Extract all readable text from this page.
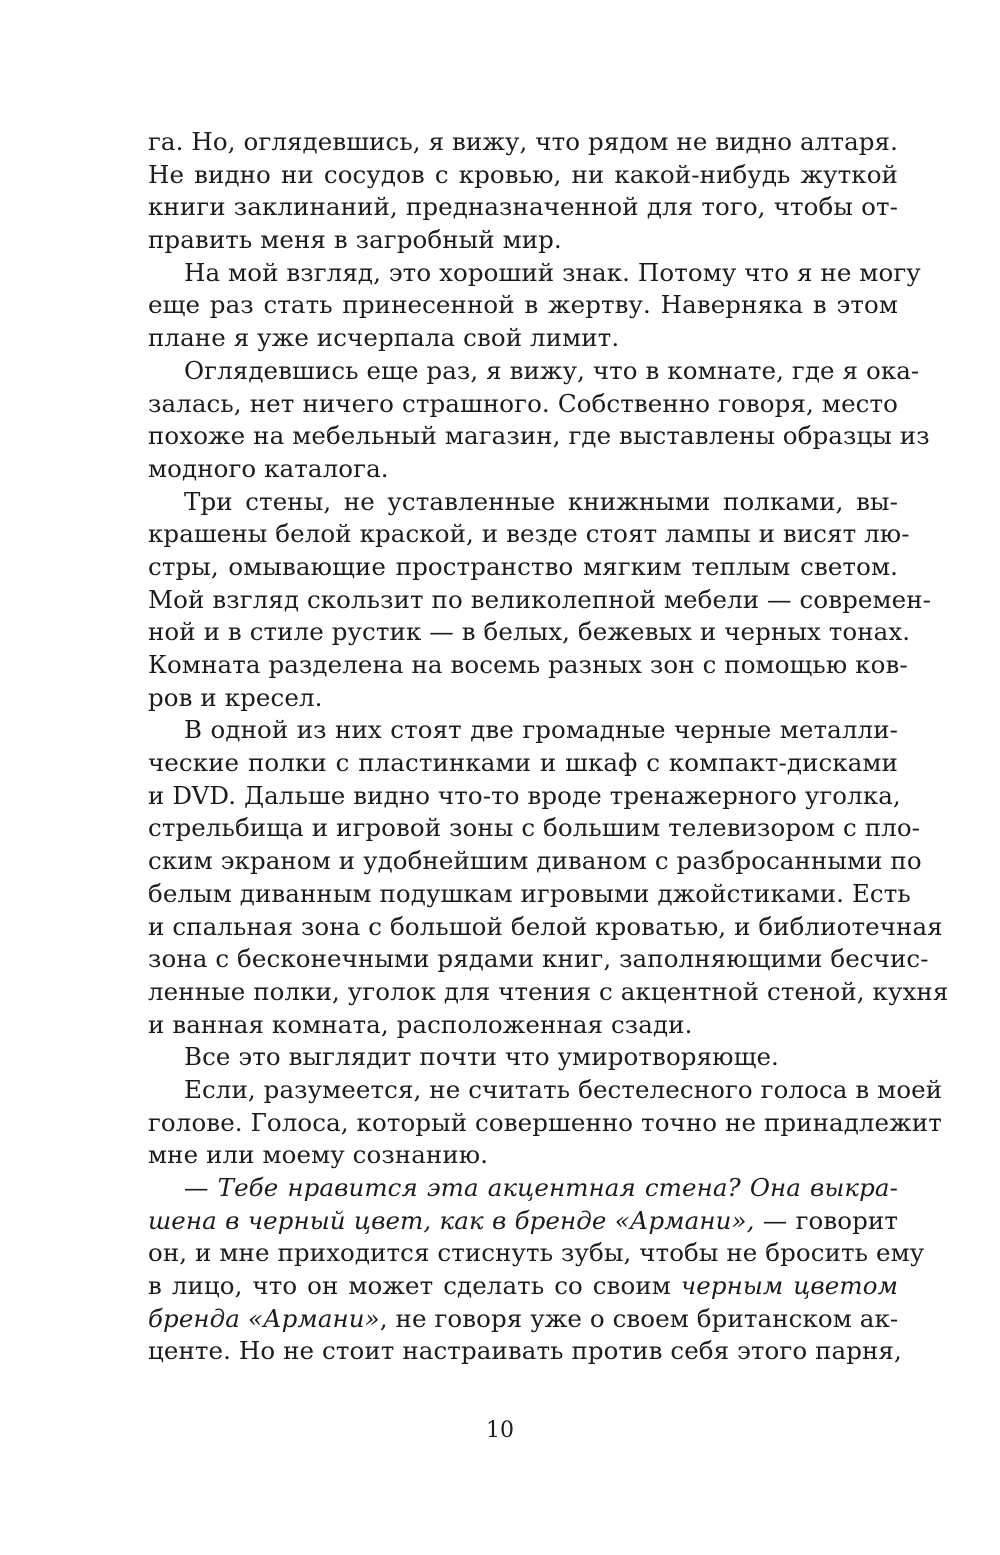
га. Но, оглядевшись, я вижу, что рядом не видно алтаря.
Не видно ни сосудов с кровью, ни какой-нибудь жуткой
книги заклинаний, предназначенной для того, чтобы от-
править меня в загробный мир.
На мой взгляд, это хороший знак. Потому что я не могу
еще раз стать принесенной в жертву. Наверняка в этом
плане я уже исчерпала свой лимит.
Оглядевшись еще раз, я вижу, что в комнате, где я ока-
залась, нет ничего страшного. Собственно говоря, место
похоже на мебельный магазин, где выставлены образцы из
модного каталога.
Три стены, не уставленные книжными полками, вы-
крашены белой краской, и везде стоят лампы и висят лю-
стры, омывающие пространство мягким теплым светом.
Мой взгляд скользит по великолепной мебели — современ-
ной и в стиле рустик — в белых, бежевых и черных тонах.
Комната разделена на восемь разных зон с помощью ков-
ров и кресел.
В одной из них стоят две громадные черные металли-
ческие полки с пластинками и шкаф с компакт-дисками
и DVD. Дальше видно что-то вроде тренажерного уголка,
стрельбища и игровой зоны с большим телевизором с пло-
ским экраном и удобнейшим диваном с разбросанными по
белым диванным подушкам игровыми джойстиками. Есть
и спальная зона с большой белой кроватью, и библиотечная
зона с бесконечными рядами книг, заполняющими бесчис-
ленные полки, уголок для чтения с акцентной стеной, кухня
и ванная комната, расположенная сзади.
Все это выглядит почти что умиротворяюще.
Если, разумеется, не считать бестелесного голоса в моей
голове. Голоса, который совершенно точно не принадлежит
мне или моему сознанию.
— Тебе нравится эта акцентная стена? Она выкра-
шена в черный цвет, как в бренде «Армани», — говорит
он, и мне приходится стиснуть зубы, чтобы не бросить ему
в лицо, что он может сделать со своим черным цветом
бренда «Армани», не говоря уже о своем британском ак-
центе. Но не стоит настраивать против себя этого парня,
10
